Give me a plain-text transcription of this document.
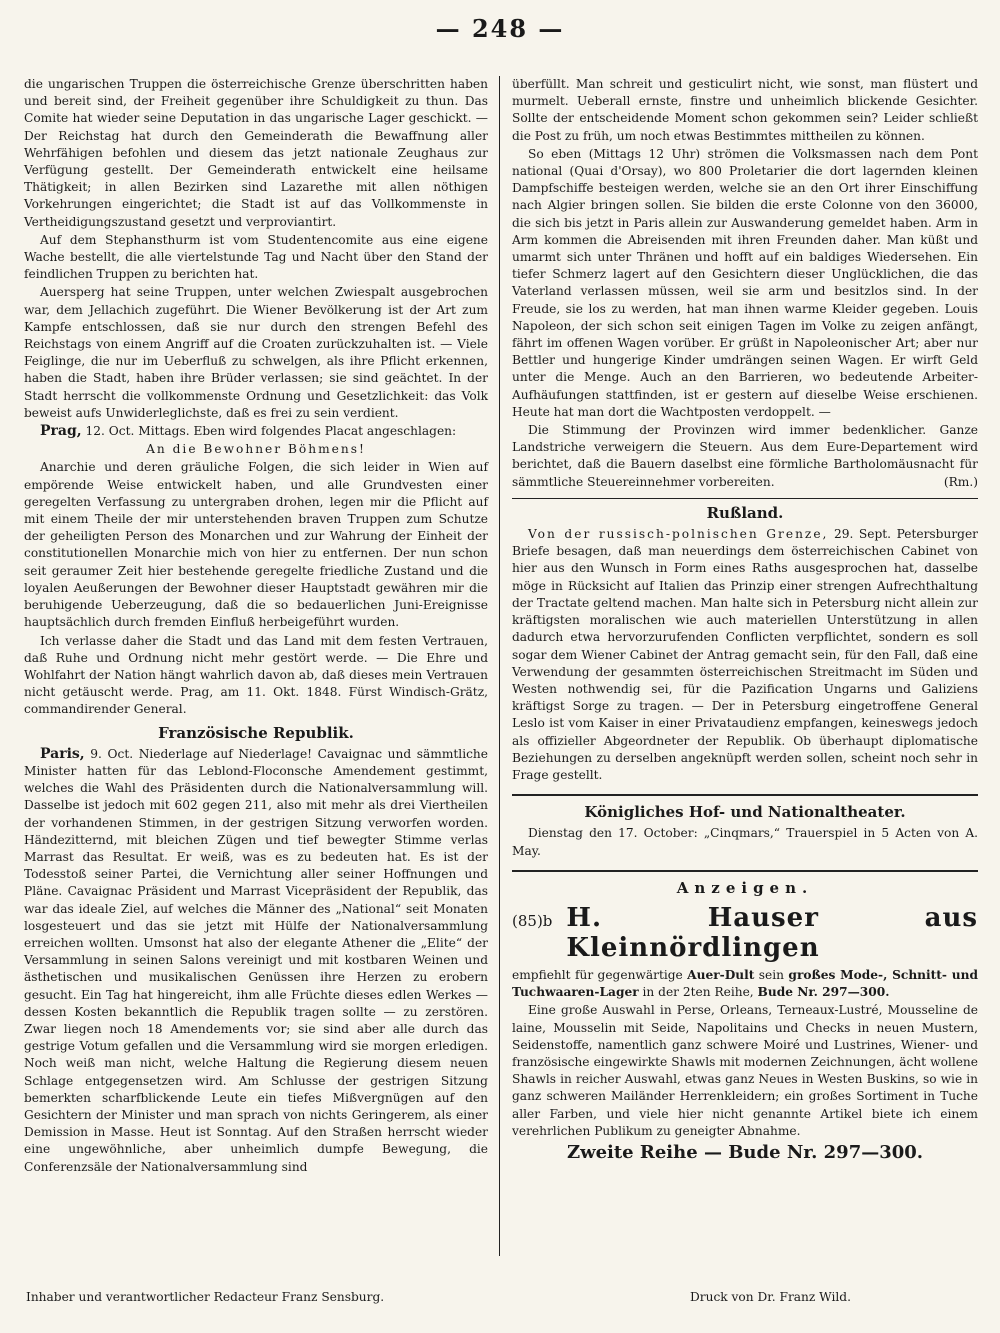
— 248 —

die ungarischen Truppen die österreichische Grenze überschritten haben und bereit sind, der Freiheit gegenüber ihre Schuldigkeit zu thun. Das Comite hat wieder seine Deputation in das ungarische Lager geschickt. — Der Reichstag hat durch den Gemeinderath die Bewaffnung aller Wehrfähigen befohlen und diesem das jetzt nationale Zeughaus zur Verfügung gestellt. Der Gemeinderath entwickelt eine heilsame Thätigkeit; in allen Bezirken sind Lazarethe mit allen nöthigen Vorkehrungen eingerichtet; die Stadt ist auf das Vollkommenste in Vertheidigungszustand gesetzt und verproviantirt.

Auf dem Stephansthurm ist vom Studentencomite aus eine eigene Wache bestellt, die alle viertelstunde Tag und Nacht über den Stand der feindlichen Truppen zu berichten hat.

Auersperg hat seine Truppen, unter welchen Zwiespalt ausgebrochen war, dem Jellachich zugeführt. Die Wiener Bevölkerung ist der Art zum Kampfe entschlossen, daß sie nur durch den strengen Befehl des Reichstags von einem Angriff auf die Croaten zurückzuhalten ist. — Viele Feiglinge, die nur im Ueberfluß zu schwelgen, als ihre Pflicht erkennen, haben die Stadt, haben ihre Brüder verlassen; sie sind geächtet. In der Stadt herrscht die vollkommenste Ordnung und Gesetzlichkeit: das Volk beweist aufs Unwiderleglichste, daß es frei zu sein verdient.

Prag, 12. Oct. Mittags. Eben wird folgendes Placat angeschlagen:

An die Bewohner Böhmens!

Anarchie und deren gräuliche Folgen, die sich leider in Wien auf empörende Weise entwickelt haben, und alle Grundvesten einer geregelten Verfassung zu untergraben drohen, legen mir die Pflicht auf mit einem Theile der mir unterstehenden braven Truppen zum Schutze der geheiligten Person des Monarchen und zur Wahrung der Einheit der constitutionellen Monarchie mich von hier zu entfernen. Der nun schon seit geraumer Zeit hier bestehende geregelte friedliche Zustand und die loyalen Aeußerungen der Bewohner dieser Hauptstadt gewähren mir die beruhigende Ueberzeugung, daß die so bedauerlichen Juni-Ereignisse hauptsächlich durch fremden Einfluß herbeigeführt wurden.

Ich verlasse daher die Stadt und das Land mit dem festen Vertrauen, daß Ruhe und Ordnung nicht mehr gestört werde. — Die Ehre und Wohlfahrt der Nation hängt wahrlich davon ab, daß dieses mein Vertrauen nicht getäuscht werde. Prag, am 11. Okt. 1848. Fürst Windisch-Grätz, commandirender General.

Französische Republik.

Paris, 9. Oct. Niederlage auf Niederlage! Cavaignac und sämmtliche Minister hatten für das Leblond-Floconsche Amendement gestimmt, welches die Wahl des Präsidenten durch die Nationalversammlung will. Dasselbe ist jedoch mit 602 gegen 211, also mit mehr als drei Viertheilen der vorhandenen Stimmen, in der gestrigen Sitzung verworfen worden. Händezitternd, mit bleichen Zügen und tief bewegter Stimme verlas Marrast das Resultat. Er weiß, was es zu bedeuten hat. Es ist der Todesstoß seiner Partei, die Vernichtung aller seiner Hoffnungen und Pläne. Cavaignac Präsident und Marrast Vicepräsident der Republik, das war das ideale Ziel, auf welches die Männer des „National“ seit Monaten losgesteuert und das sie jetzt mit Hülfe der Nationalversammlung erreichen wollten. Umsonst hat also der elegante Athener die „Elite“ der Versammlung in seinen Salons vereinigt und mit kostbaren Weinen und ästhetischen und musikalischen Genüssen ihre Herzen zu erobern gesucht. Ein Tag hat hingereicht, ihm alle Früchte dieses edlen Werkes — dessen Kosten bekanntlich die Republik tragen sollte — zu zerstören. Zwar liegen noch 18 Amendements vor; sie sind aber alle durch das gestrige Votum gefallen und die Versammlung wird sie morgen erledigen. Noch weiß man nicht, welche Haltung die Regierung diesem neuen Schlage entgegensetzen wird. Am Schlusse der gestrigen Sitzung bemerkten scharfblickende Leute ein tiefes Mißvergnügen auf den Gesichtern der Minister und man sprach von nichts Geringerem, als einer Demission in Masse. Heut ist Sonntag. Auf den Straßen herrscht wieder eine ungewöhnliche, aber unheimlich dumpfe Bewegung, die Conferenzsäle der Nationalversammlung sind

überfüllt. Man schreit und gesticulirt nicht, wie sonst, man flüstert und murmelt. Ueberall ernste, finstre und unheimlich blickende Gesichter. Sollte der entscheidende Moment schon gekommen sein? Leider schließt die Post zu früh, um noch etwas Bestimmtes mittheilen zu können.

So eben (Mittags 12 Uhr) strömen die Volksmassen nach dem Pont national (Quai d'Orsay), wo 800 Proletarier die dort lagernden kleinen Dampfschiffe besteigen werden, welche sie an den Ort ihrer Einschiffung nach Algier bringen sollen. Sie bilden die erste Colonne von den 36000, die sich bis jetzt in Paris allein zur Auswanderung gemeldet haben. Arm in Arm kommen die Abreisenden mit ihren Freunden daher. Man küßt und umarmt sich unter Thränen und hofft auf ein baldiges Wiedersehen. Ein tiefer Schmerz lagert auf den Gesichtern dieser Unglücklichen, die das Vaterland verlassen müssen, weil sie arm und besitzlos sind. In der Freude, sie los zu werden, hat man ihnen warme Kleider gegeben. Louis Napoleon, der sich schon seit einigen Tagen im Volke zu zeigen anfängt, fährt im offenen Wagen vorüber. Er grüßt in Napoleonischer Art; aber nur Bettler und hungerige Kinder umdrängen seinen Wagen. Er wirft Geld unter die Menge. Auch an den Barrieren, wo bedeutende Arbeiter-Aufhäufungen stattfinden, ist er gestern auf dieselbe Weise erschienen. Heute hat man dort die Wachtposten verdoppelt. —

Die Stimmung der Provinzen wird immer bedenklicher. Ganze Landstriche verweigern die Steuern. Aus dem Eure-Departement wird berichtet, daß die Bauern daselbst eine förmliche Bartholomäusnacht für sämmtliche Steuereinnehmer vorbereiten.	(Rm.)

Rußland.

Von der russisch-polnischen Grenze, 29. Sept. Petersburger Briefe besagen, daß man neuerdings dem österreichischen Cabinet von hier aus den Wunsch in Form eines Raths ausgesprochen hat, dasselbe möge in Rücksicht auf Italien das Prinzip einer strengen Aufrechthaltung der Tractate geltend machen. Man halte sich in Petersburg nicht allein zur kräftigsten moralischen wie auch materiellen Unterstützung in allen dadurch etwa hervorzurufenden Conflicten verpflichtet, sondern es soll sogar dem Wiener Cabinet der Antrag gemacht sein, für den Fall, daß eine Verwendung der gesammten österreichischen Streitmacht im Süden und Westen nothwendig sei, für die Pazification Ungarns und Galiziens kräftigst Sorge zu tragen. — Der in Petersburg eingetroffene General Leslo ist vom Kaiser in einer Privataudienz empfangen, keineswegs jedoch als offizieller Abgeordneter der Republik. Ob überhaupt diplomatische Beziehungen zu derselben angeknüpft werden sollen, scheint noch sehr in Frage gestellt.

Königliches Hof- und Nationaltheater.

Dienstag den 17. October: „Cinqmars,“ Trauerspiel in 5 Acten von A. May.

Anzeigen.
(85)b H. Hauser aus Kleinnördlingen

empfiehlt für gegenwärtige Auer-Dult sein großes Mode-, Schnitt- und Tuchwaaren-Lager in der 2ten Reihe, Bude Nr. 297—300.

Eine große Auswahl in Perse, Orleans, Terneaux-Lustré, Mousseline de laine, Mousselin mit Seide, Napolitains und Checks in neuen Mustern, Seidenstoffe, namentlich ganz schwere Moiré und Lustrines, Wiener- und französische eingewirkte Shawls mit modernen Zeichnungen, ächt wollene Shawls in reicher Auswahl, etwas ganz Neues in Westen Buskins, so wie in ganz schweren Mailänder Herrenkleidern; ein großes Sortiment in Tuche aller Farben, und viele hier nicht genannte Artikel biete ich einem verehrlichen Publikum zu geneigter Abnahme.

Zweite Reihe — Bude Nr. 297—300.
Inhaber und verantwortlicher Redacteur Franz Sensburg.	Druck von Dr. Franz Wild.
